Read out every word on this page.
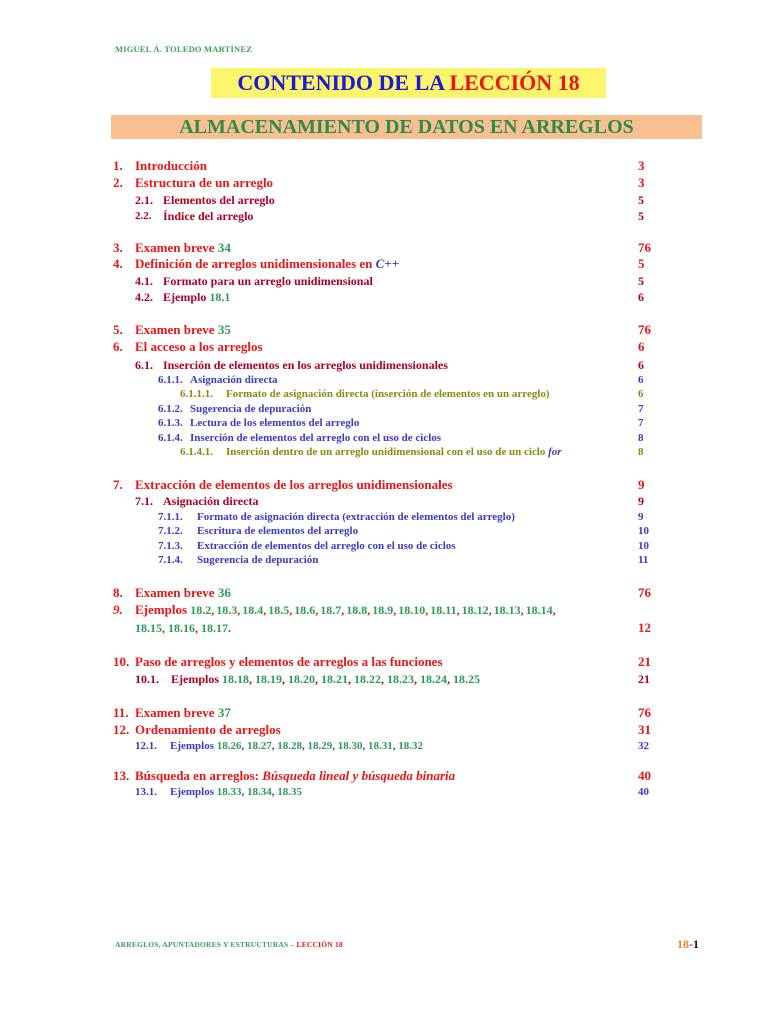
MIGUEL Á. TOLEDO MARTÍNEZ
CONTENIDO DE LA LECCIÓN 18
ALMACENAMIENTO DE DATOS EN ARREGLOS
1. Introducción	3
2. Estructura de un arreglo	3
2.1. Elementos del arreglo	5
2.2. Índice del arreglo	5
3. Examen breve 34	76
4. Definición de arreglos unidimensionales en C++	5
4.1. Formato para un arreglo unidimensional	5
4.2. Ejemplo 18.1	6
5. Examen breve 35	76
6. El acceso a los arreglos	6
6.1. Inserción de elementos en los arreglos unidimensionales	6
6.1.1. Asignación directa	6
6.1.1.1. Formato de asignación directa (inserción de elementos en un arreglo)	6
6.1.2. Sugerencia de depuración	7
6.1.3. Lectura de los elementos del arreglo	7
6.1.4. Inserción de elementos del arreglo con el uso de ciclos	8
6.1.4.1. Inserción dentro de un arreglo unidimensional con el uso de un ciclo for	8
7. Extracción de elementos de los arreglos unidimensionales	9
7.1. Asignación directa	9
7.1.1. Formato de asignación directa (extracción de elementos del arreglo)	9
7.1.2. Escritura de elementos del arreglo	10
7.1.3. Extracción de elementos del arreglo con el uso de ciclos	10
7.1.4. Sugerencia de depuración	11
8. Examen breve 36	76
9. Ejemplos 18.2, 18.3, 18.4, 18.5, 18.6, 18.7, 18.8, 18.9, 18.10, 18.11, 18.12, 18.13, 18.14,
18.15, 18.16, 18.17.	12
10. Paso de arreglos y elementos de arreglos a las funciones	21
10.1. Ejemplos 18.18, 18.19, 18.20, 18.21, 18.22, 18.23, 18.24, 18.25	21
11. Examen breve 37	76
12. Ordenamiento de arreglos	31
12.1. Ejemplos 18.26, 18.27, 18.28, 18.29, 18.30, 18.31, 18.32	32
13. Búsqueda en arreglos: Búsqueda lineal y búsqueda binaria	40
13.1. Ejemplos 18.33, 18.34, 18.35	40
ARREGLOS, APUNTADORES Y ESTRUCTURAS – LECCIÓN 18	18-1
